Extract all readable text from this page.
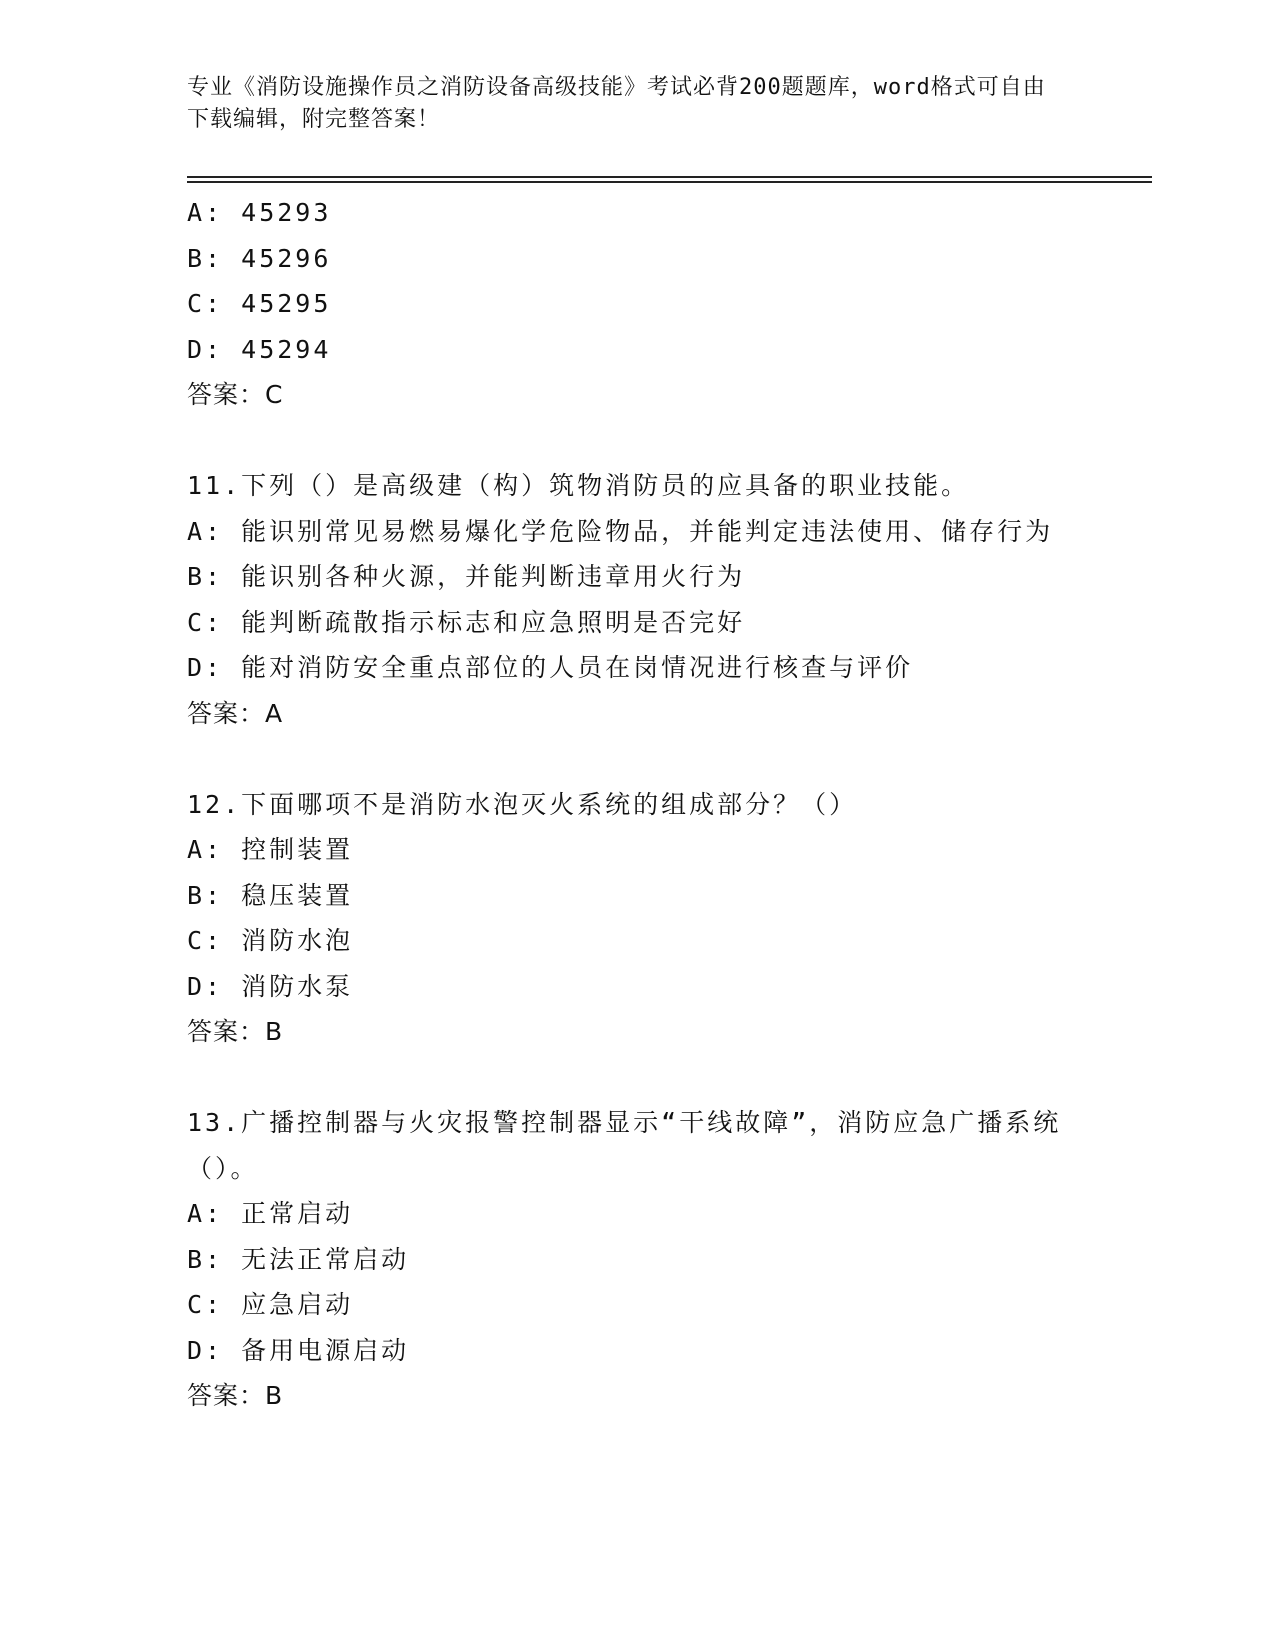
专业《消防设施操作员之消防设备高级技能》考试必背200题题库，word格式可自由下载编辑，附完整答案！
A: 45293
B: 45296
C: 45295
D: 45294
答案：C
11.下列（）是高级建（构）筑物消防员的应具备的职业技能。
A: 能识别常见易燃易爆化学危险物品，并能判定违法使用、储存行为
B: 能识别各种火源，并能判断违章用火行为
C: 能判断疏散指示标志和应急照明是否完好
D: 能对消防安全重点部位的人员在岗情况进行核查与评价
答案：A
12.下面哪项不是消防水泡灭火系统的组成部分？（）
A: 控制装置
B: 稳压装置
C: 消防水泡
D: 消防水泵
答案：B
13.广播控制器与火灾报警控制器显示“干线故障”，消防应急广播系统（）。
A: 正常启动
B: 无法正常启动
C: 应急启动
D: 备用电源启动
答案：B
